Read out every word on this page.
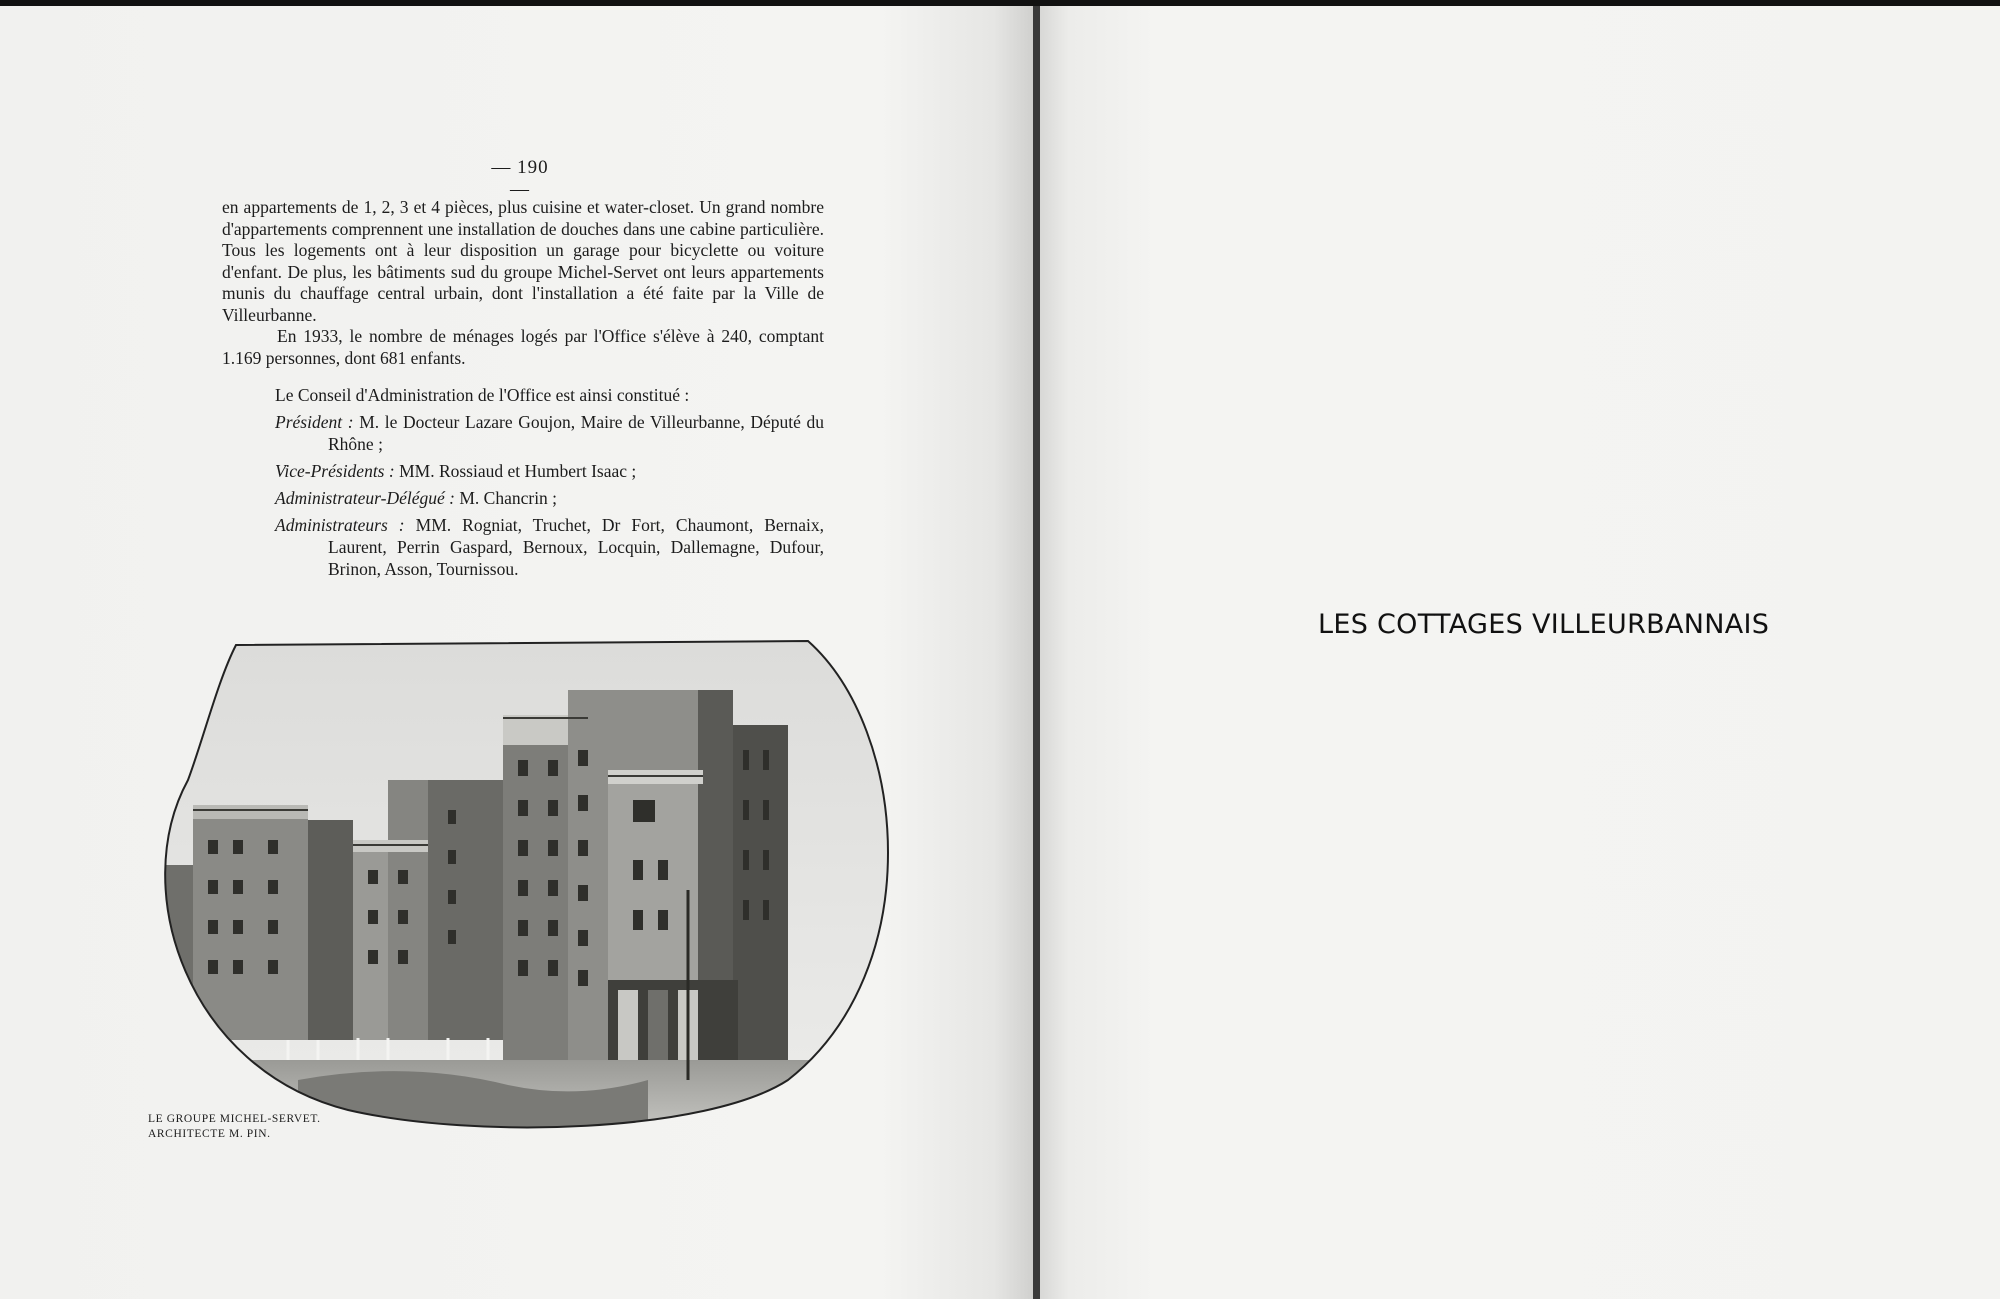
— 190 —

en appartements de 1, 2, 3 et 4 pièces, plus cuisine et water-closet. Un grand nombre d'appartements comprennent une installation de douches dans une cabine particulière. Tous les logements ont à leur disposition un garage pour bicyclette ou voiture d'enfant. De plus, les bâtiments sud du groupe Michel-Servet ont leurs appartements munis du chauffage central urbain, dont l'installation a été faite par la Ville de Villeurbanne.

En 1933, le nombre de ménages logés par l'Office s'élève à 240, comptant 1.169 personnes, dont 681 enfants.

Le Conseil d'Administration de l'Office est ainsi constitué :

Président : M. le Docteur Lazare Goujon, Maire de Villeurbanne, Député du Rhône ;

Vice-Présidents : MM. Rossiaud et Humbert Isaac ;

Administrateur-Délégué : M. Chancrin ;

Administrateurs : MM. Rogniat, Truchet, Dr Fort, Chaumont, Bernaix, Laurent, Perrin Gaspard, Bernoux, Locquin, Dallemagne, Dufour, Brinon, Asson, Tournissou.

LE GROUPE MICHEL-SERVET.
ARCHITECTE M. PIN.
LES COTTAGES VILLEURBANNAIS
